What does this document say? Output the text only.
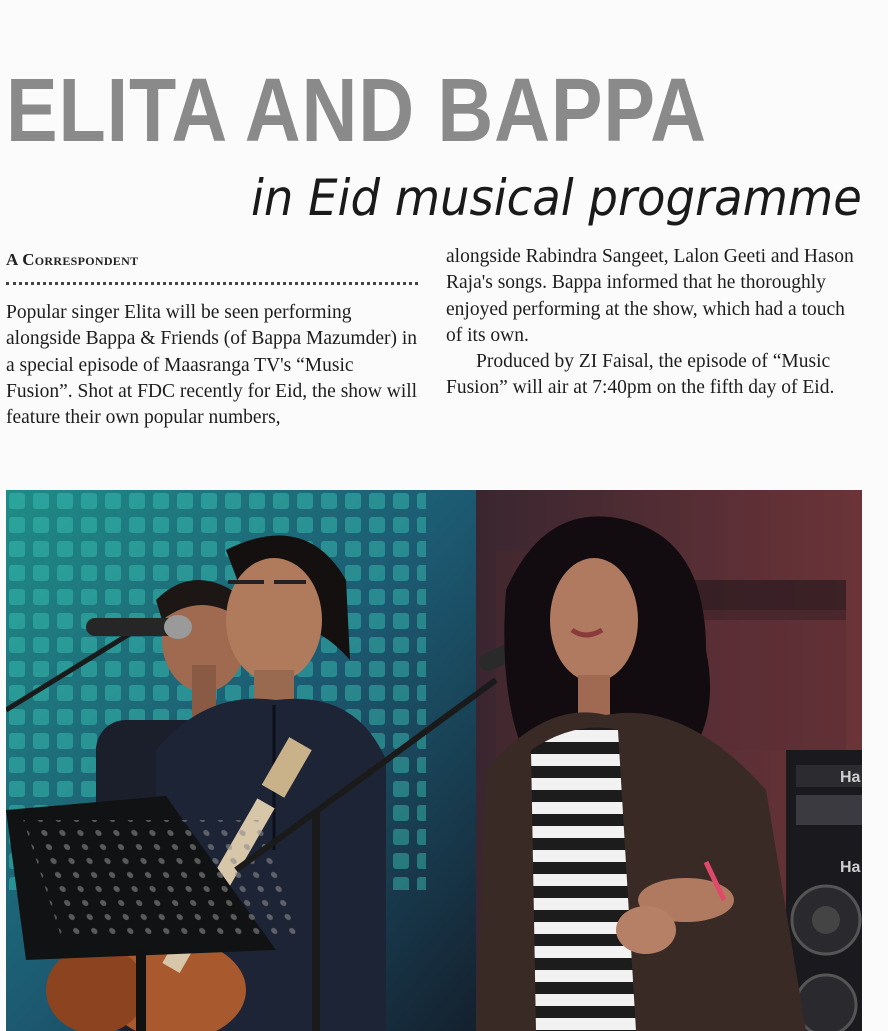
ELITA AND BAPPA
in Eid musical programme
A Correspondent

Popular singer Elita will be seen performing alongside Bappa & Friends (of Bappa Mazumder) in a special episode of Maasranga TV's “Music Fusion”. Shot at FDC recently for Eid, the show will feature their own popular numbers,

alongside Rabindra Sangeet, Lalon Geeti and Hason Raja's songs. Bappa informed that he thoroughly enjoyed performing at the show, which had a touch of its own.

Produced by ZI Faisal, the episode of “Music Fusion” will air at 7:40pm on the fifth day of Eid.

Ha
Ha
